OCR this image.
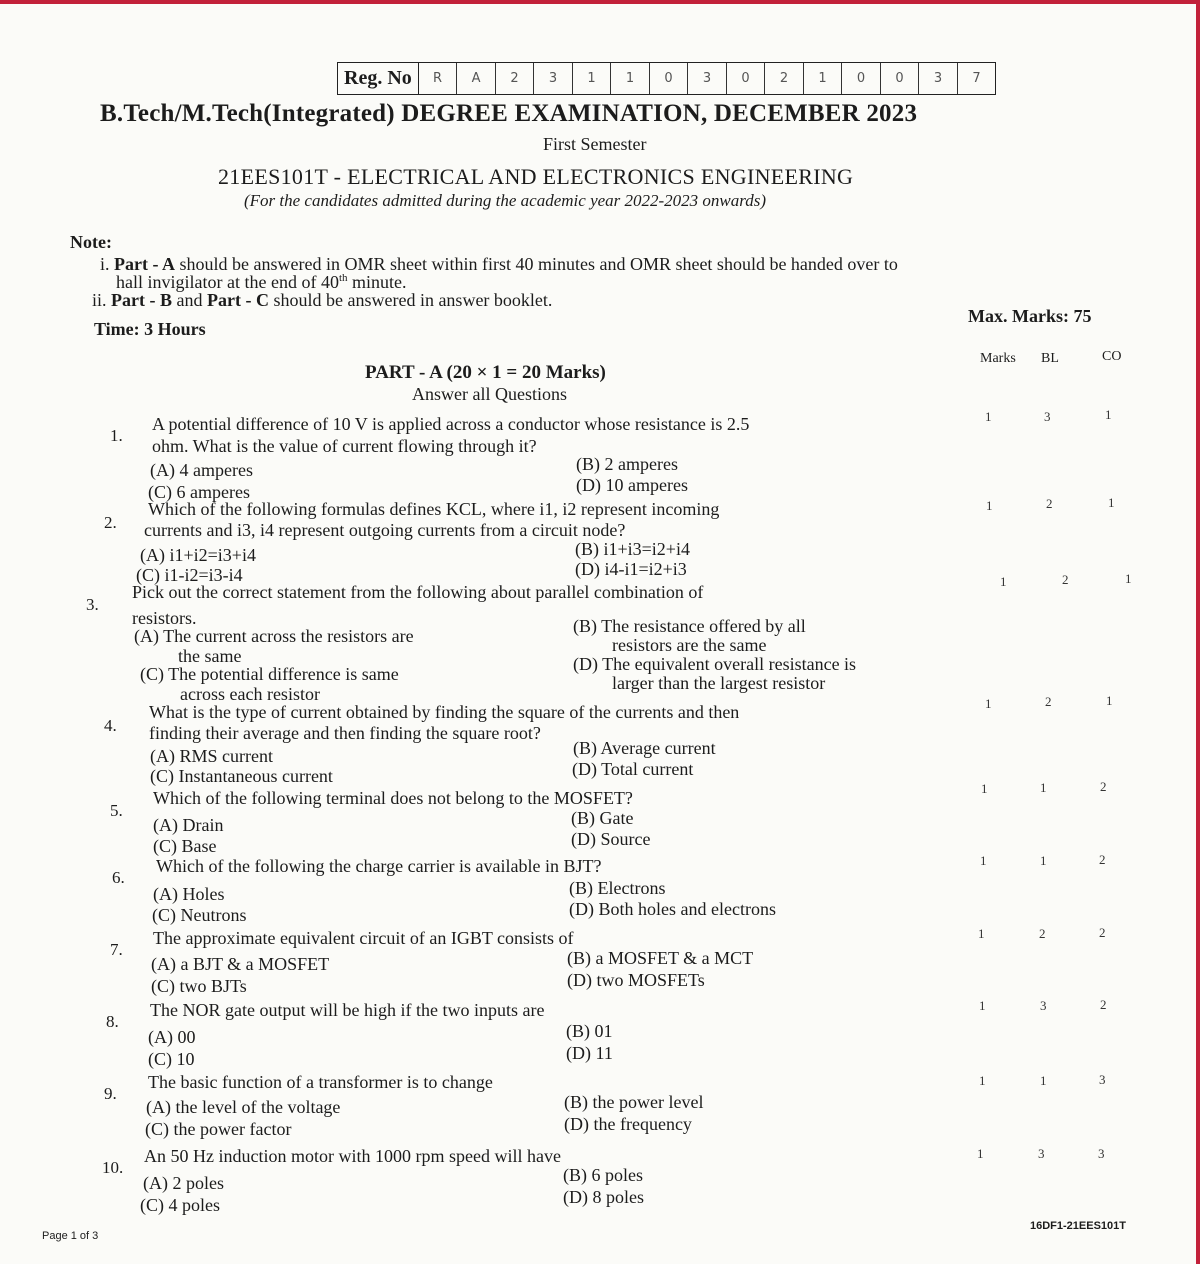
Reg. No	R	A	2	3	1	1	0	3	0	2	1	0	0	3	7
B.Tech/M.Tech(Integrated) DEGREE EXAMINATION, DECEMBER 2023
First Semester
21EES101T - ELECTRICAL AND ELECTRONICS ENGINEERING
(For the candidates admitted during the academic year 2022-2023 onwards)
Note:
i. Part - A should be answered in OMR sheet within first 40 minutes and OMR sheet should be handed over to
hall invigilator at the end of 40th minute.
ii. Part - B and Part - C should be answered in answer booklet.
Time: 3 Hours
Max. Marks: 75
Marks BL	CO
PART - A (20 × 1 = 20 Marks)
Answer all Questions
1.
A potential difference of 10 V is applied across a conductor whose resistance is 2.5
ohm. What is the value of current flowing through it?
(A) 4 amperes	(B) 2 amperes
(C) 6 amperes	(D) 10 amperes
1	3	1
2.
Which of the following formulas defines KCL, where i1, i2 represent incoming
currents and i3, i4 represent outgoing currents from a circuit node?
(A) i1+i2=i3+i4	(B) i1+i3=i2+i4
(C) i1-i2=i3-i4	(D) i4-i1=i2+i3
1	2	1
3.
Pick out the correct statement from the following about parallel combination of
resistors.
(A) The current across the resistors are
the same
(B) The resistance offered by all
resistors are the same
(C) The potential difference is same
across each resistor
(D) The equivalent overall resistance is
larger than the largest resistor
1	2	1
4.
What is the type of current obtained by finding the square of the currents and then
finding their average and then finding the square root?
(A) RMS current	(B) Average current
(C) Instantaneous current	(D) Total current
1	2	1
5.
Which of the following terminal does not belong to the MOSFET?
(A) Drain	(B) Gate
(C) Base	(D) Source
1	1	2
6.
Which of the following the charge carrier is available in BJT?
(A) Holes	(B) Electrons
(C) Neutrons	(D) Both holes and electrons
1	1	2
7.
The approximate equivalent circuit of an IGBT consists of
(A) a BJT & a MOSFET	(B) a MOSFET & a MCT
(C) two BJTs	(D) two MOSFETs
1	2	2
8.
The NOR gate output will be high if the two inputs are
(A) 00	(B) 01
(C) 10	(D) 11
1	3	2
9.
The basic function of a transformer is to change
(A) the level of the voltage	(B) the power level
(C) the power factor	(D) the frequency
1	1	3
10.
An 50 Hz induction motor with 1000 rpm speed will have
(A) 2 poles	(B) 6 poles
(C) 4 poles	(D) 8 poles
1	3	3
Page 1 of 3
16DF1-21EES101T
